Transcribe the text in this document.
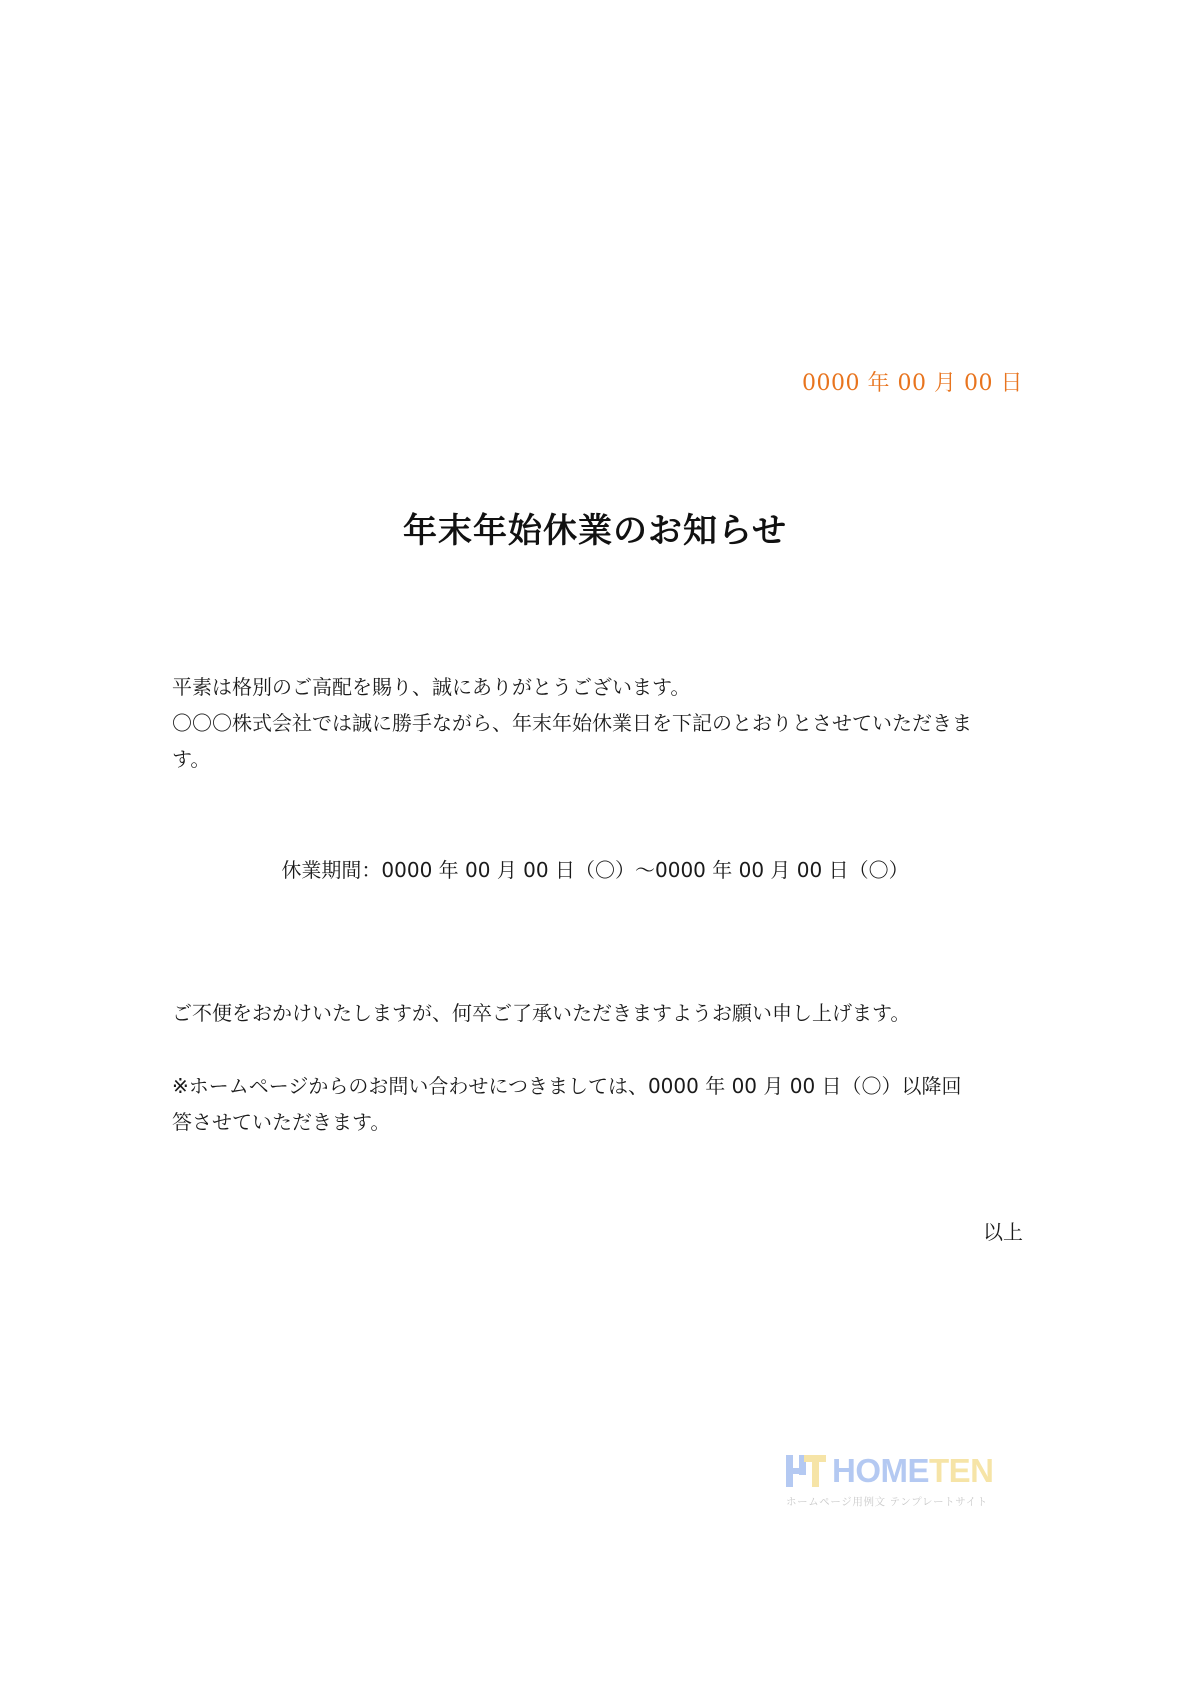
0000 年 00 月 00 日
年末年始休業のお知らせ

平素は格別のご高配を賜り、誠にありがとうございます。

〇〇〇株式会社では誠に勝手ながら、年末年始休業日を下記のとおりとさせていただきま

す。

休業期間：0000 年 00 月 00 日（〇）～0000 年 00 月 00 日（〇）

ご不便をおかけいたしますが、何卒ご了承いただきますようお願い申し上げます。

※ホームページからのお問い合わせにつきましては、0000 年 00 月 00 日（〇）以降回

答させていただきます。

以上
HOMETEN
ホームページ用例文 テンプレートサイト
